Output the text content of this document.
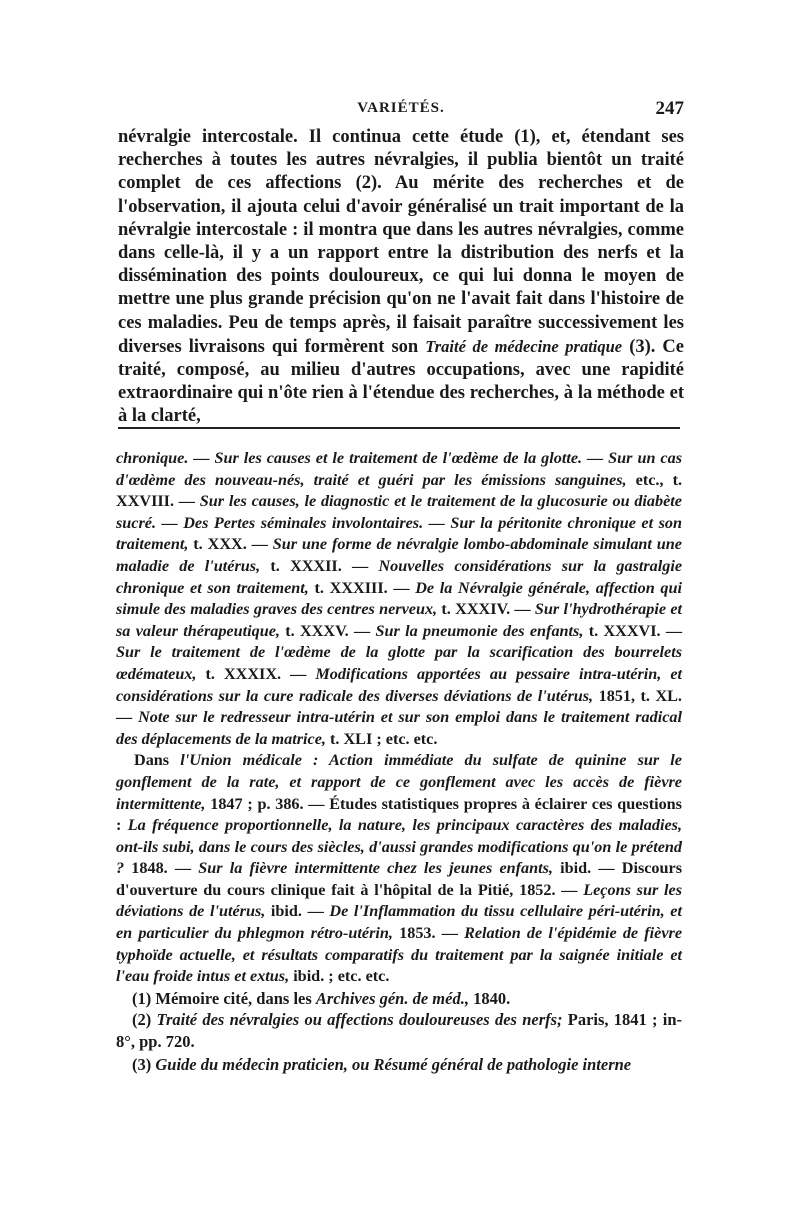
VARIÉTÉS.	247

névralgie intercostale. Il continua cette étude (1), et, étendant ses recherches à toutes les autres névralgies, il publia bientôt un traité complet de ces affections (2). Au mérite des recherches et de l'observation, il ajouta celui d'avoir généralisé un trait important de la névralgie intercostale : il montra que dans les autres névralgies, comme dans celle-là, il y a un rapport entre la distribution des nerfs et la dissémination des points douloureux, ce qui lui donna le moyen de mettre une plus grande précision qu'on ne l'avait fait dans l'histoire de ces maladies. Peu de temps après, il faisait paraître successivement les diverses livraisons qui formèrent son Traité de médecine pratique (3). Ce traité, composé, au milieu d'autres occupations, avec une rapidité extraordinaire qui n'ôte rien à l'étendue des recherches, à la méthode et à la clarté,

chronique. — Sur les causes et le traitement de l'œdème de la glotte. — Sur un cas d'œdème des nouveau-nés, traité et guéri par les émissions sanguines, etc., t. XXVIII. — Sur les causes, le diagnostic et le traitement de la glucosurie ou diabète sucré. — Des Pertes séminales involontaires. — Sur la péritonite chronique et son traitement, t. XXX. — Sur une forme de névralgie lombo-abdominale simulant une maladie de l'utérus, t. XXXII. — Nouvelles considérations sur la gastralgie chronique et son traitement, t. XXXIII. — De la Névralgie générale, affection qui simule des maladies graves des centres nerveux, t. XXXIV. — Sur l'hydrothérapie et sa valeur thérapeutique, t. XXXV. — Sur la pneumonie des enfants, t. XXXVI. — Sur le traitement de l'œdème de la glotte par la scarification des bourrelets œdémateux, t. XXXIX. — Modifications apportées au pessaire intra-utérin, et considérations sur la cure radicale des diverses déviations de l'utérus, 1851, t. XL. — Note sur le redresseur intra-utérin et sur son emploi dans le traitement radical des déplacements de la matrice, t. XLI ; etc. etc.

Dans l'Union médicale : Action immédiate du sulfate de quinine sur le gonflement de la rate, et rapport de ce gonflement avec les accès de fièvre intermittente, 1847 ; p. 386. — Études statistiques propres à éclairer ces questions : La fréquence proportionnelle, la nature, les principaux caractères des maladies, ont-ils subi, dans le cours des siècles, d'aussi grandes modifications qu'on le prétend ? 1848. — Sur la fièvre intermittente chez les jeunes enfants, ibid. — Discours d'ouverture du cours clinique fait à l'hôpital de la Pitié, 1852. — Leçons sur les déviations de l'utérus, ibid. — De l'Inflammation du tissu cellulaire péri-utérin, et en particulier du phlegmon rétro-utérin, 1853. — Relation de l'épidémie de fièvre typhoïde actuelle, et résultats comparatifs du traitement par la saignée initiale et l'eau froide intus et extus, ibid. ; etc. etc.

(1) Mémoire cité, dans les Archives gén. de méd., 1840.

(2) Traité des névralgies ou affections douloureuses des nerfs; Paris, 1841 ; in-8°, pp. 720.

(3) Guide du médecin praticien, ou Résumé général de pathologie interne
